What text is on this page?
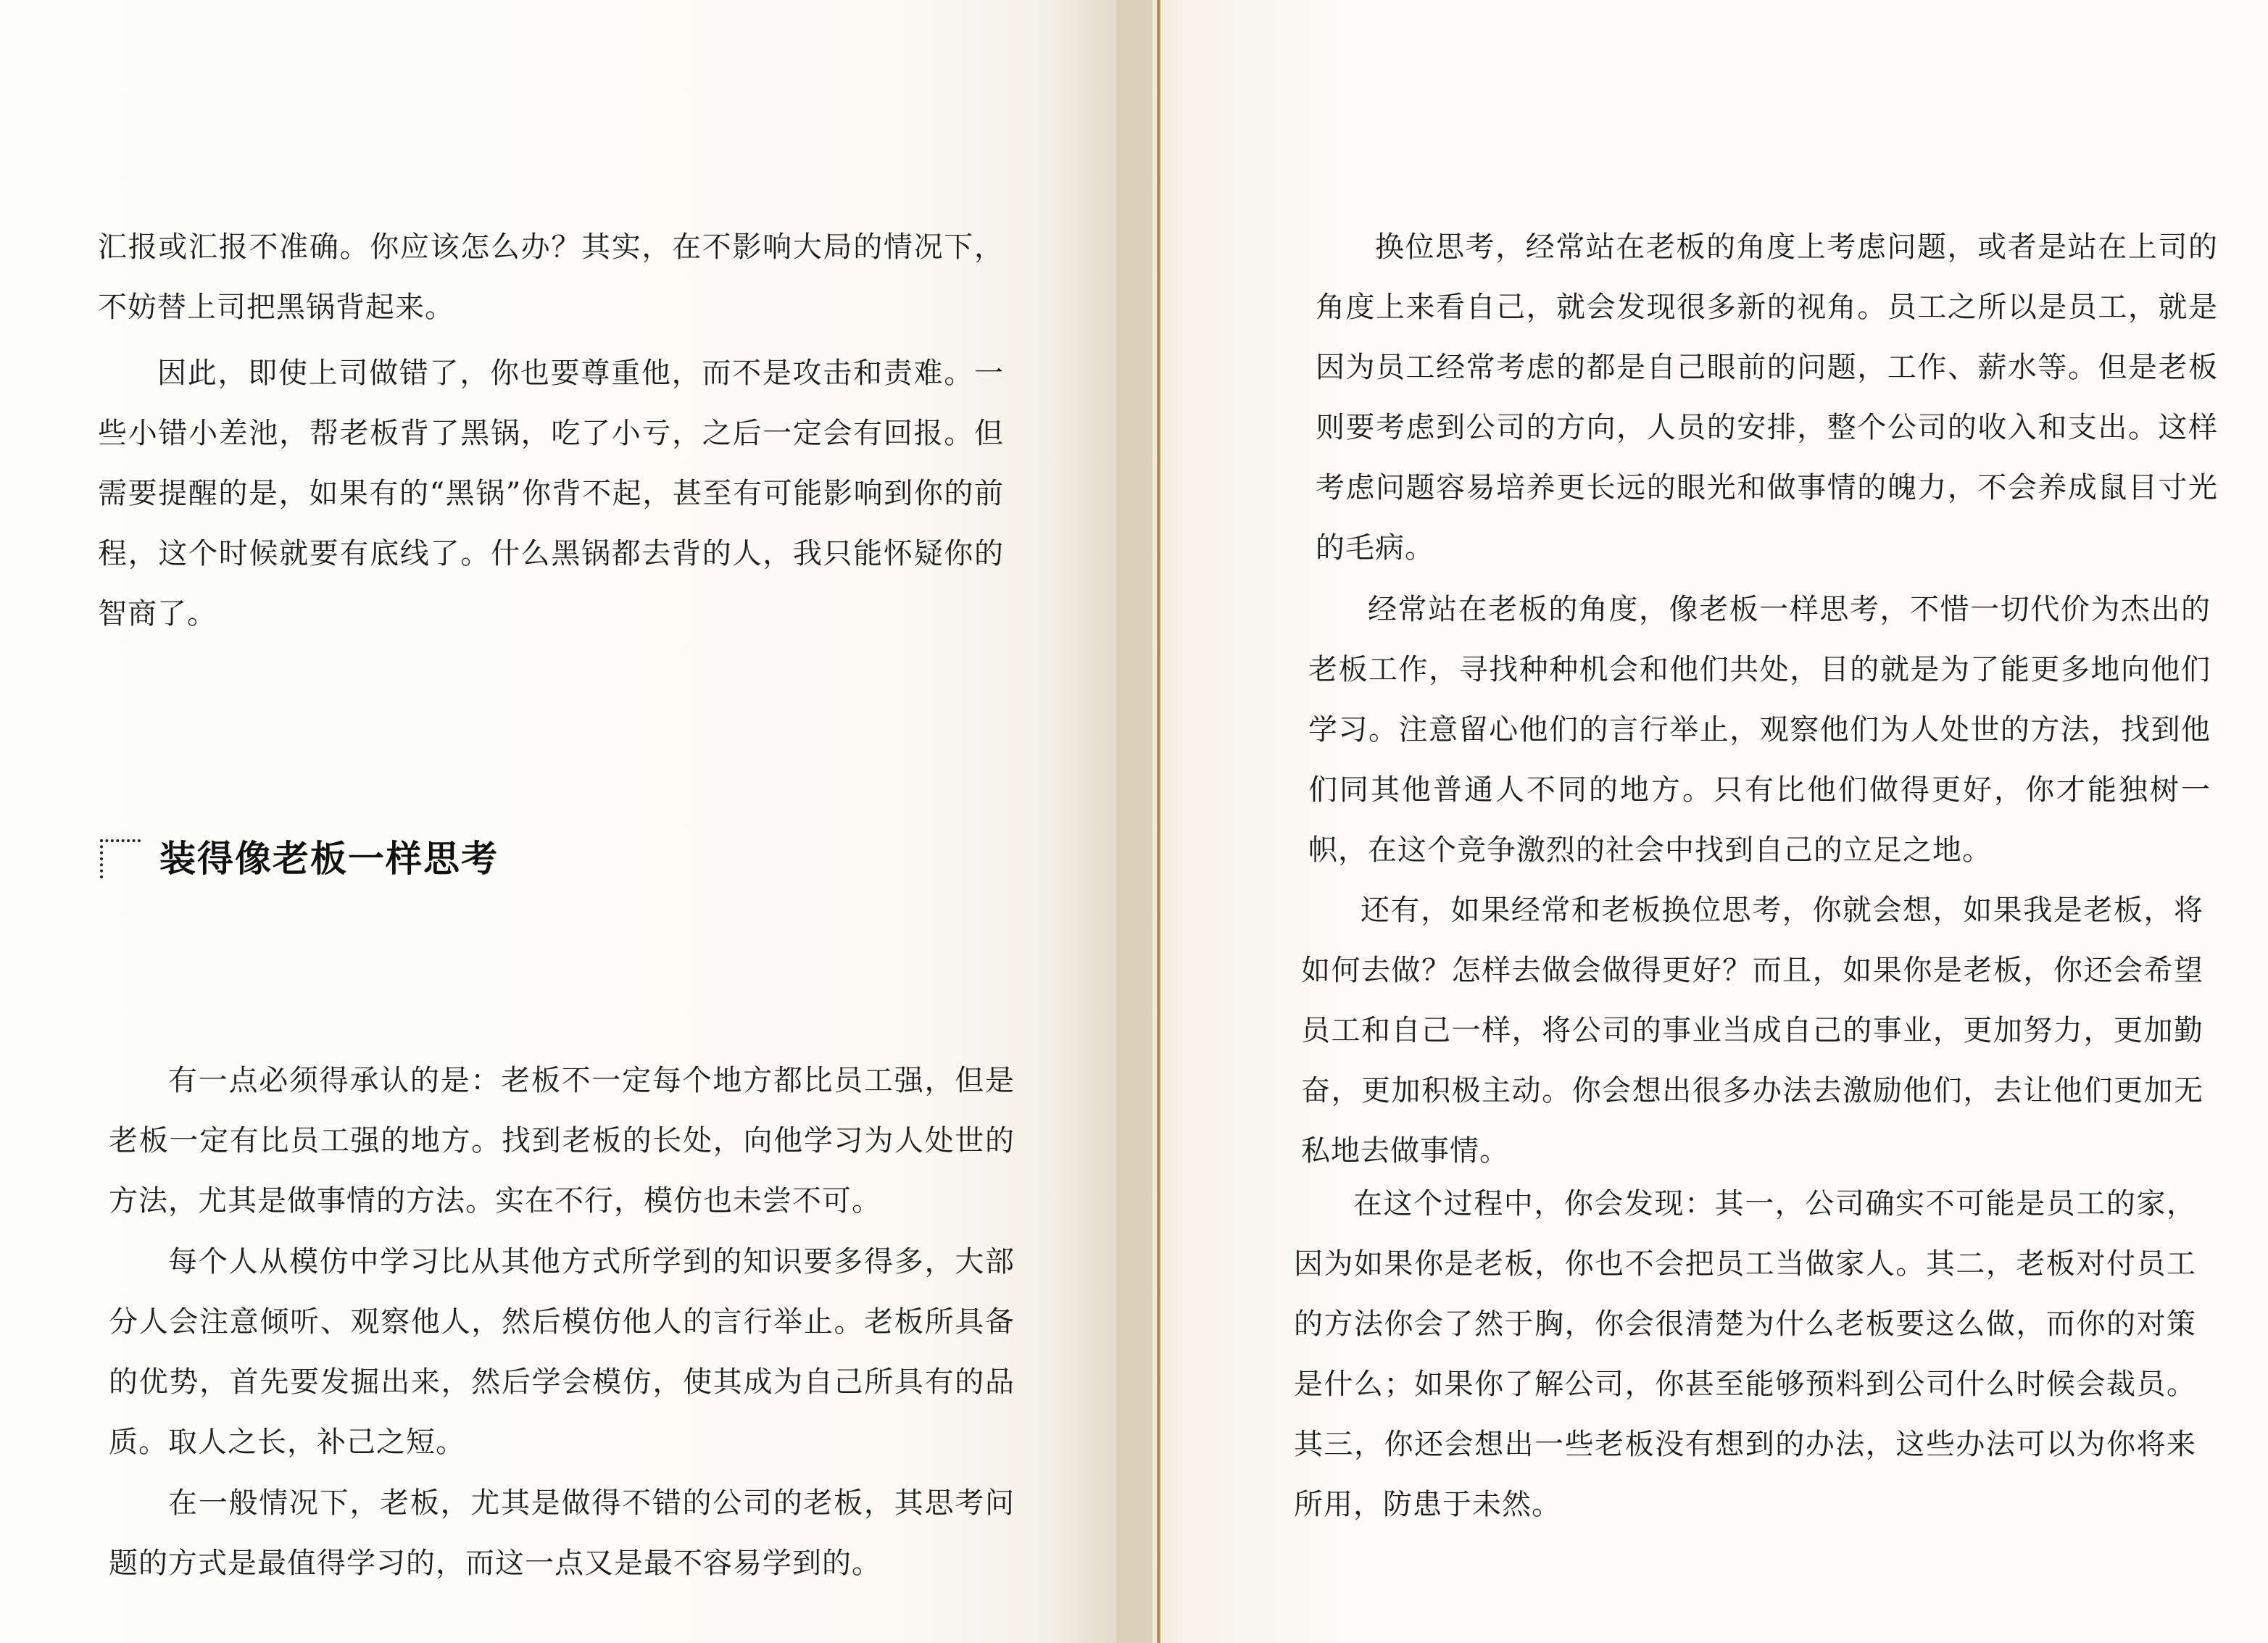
汇报或汇报不准确。你应该怎么办？其实，在不影响大局的情况下，不妨替上司把黑锅背起来。

因此，即使上司做错了，你也要尊重他，而不是攻击和责难。一些小错小差池，帮老板背了黑锅，吃了小亏，之后一定会有回报。但需要提醒的是，如果有的“黑锅”你背不起，甚至有可能影响到你的前程，这个时候就要有底线了。什么黑锅都去背的人，我只能怀疑你的智商了。

装得像老板一样思考

有一点必须得承认的是：老板不一定每个地方都比员工强，但是老板一定有比员工强的地方。找到老板的长处，向他学习为人处世的方法，尤其是做事情的方法。实在不行，模仿也未尝不可。

每个人从模仿中学习比从其他方式所学到的知识要多得多，大部分人会注意倾听、观察他人，然后模仿他人的言行举止。老板所具备的优势，首先要发掘出来，然后学会模仿，使其成为自己所具有的品质。取人之长，补己之短。

在一般情况下，老板，尤其是做得不错的公司的老板，其思考问题的方式是最值得学习的，而这一点又是最不容易学到的。

换位思考，经常站在老板的角度上考虑问题，或者是站在上司的角度上来看自己，就会发现很多新的视角。员工之所以是员工，就是因为员工经常考虑的都是自己眼前的问题，工作、薪水等。但是老板则要考虑到公司的方向，人员的安排，整个公司的收入和支出。这样考虑问题容易培养更长远的眼光和做事情的魄力，不会养成鼠目寸光的毛病。

经常站在老板的角度，像老板一样思考，不惜一切代价为杰出的老板工作，寻找种种机会和他们共处，目的就是为了能更多地向他们学习。注意留心他们的言行举止，观察他们为人处世的方法，找到他们同其他普通人不同的地方。只有比他们做得更好，你才能独树一帜，在这个竞争激烈的社会中找到自己的立足之地。

还有，如果经常和老板换位思考，你就会想，如果我是老板，将如何去做？怎样去做会做得更好？而且，如果你是老板，你还会希望员工和自己一样，将公司的事业当成自己的事业，更加努力，更加勤奋，更加积极主动。你会想出很多办法去激励他们，去让他们更加无私地去做事情。

在这个过程中，你会发现：其一，公司确实不可能是员工的家，因为如果你是老板，你也不会把员工当做家人。其二，老板对付员工的方法你会了然于胸，你会很清楚为什么老板要这么做，而你的对策是什么；如果你了解公司，你甚至能够预料到公司什么时候会裁员。其三，你还会想出一些老板没有想到的办法，这些办法可以为你将来所用，防患于未然。
